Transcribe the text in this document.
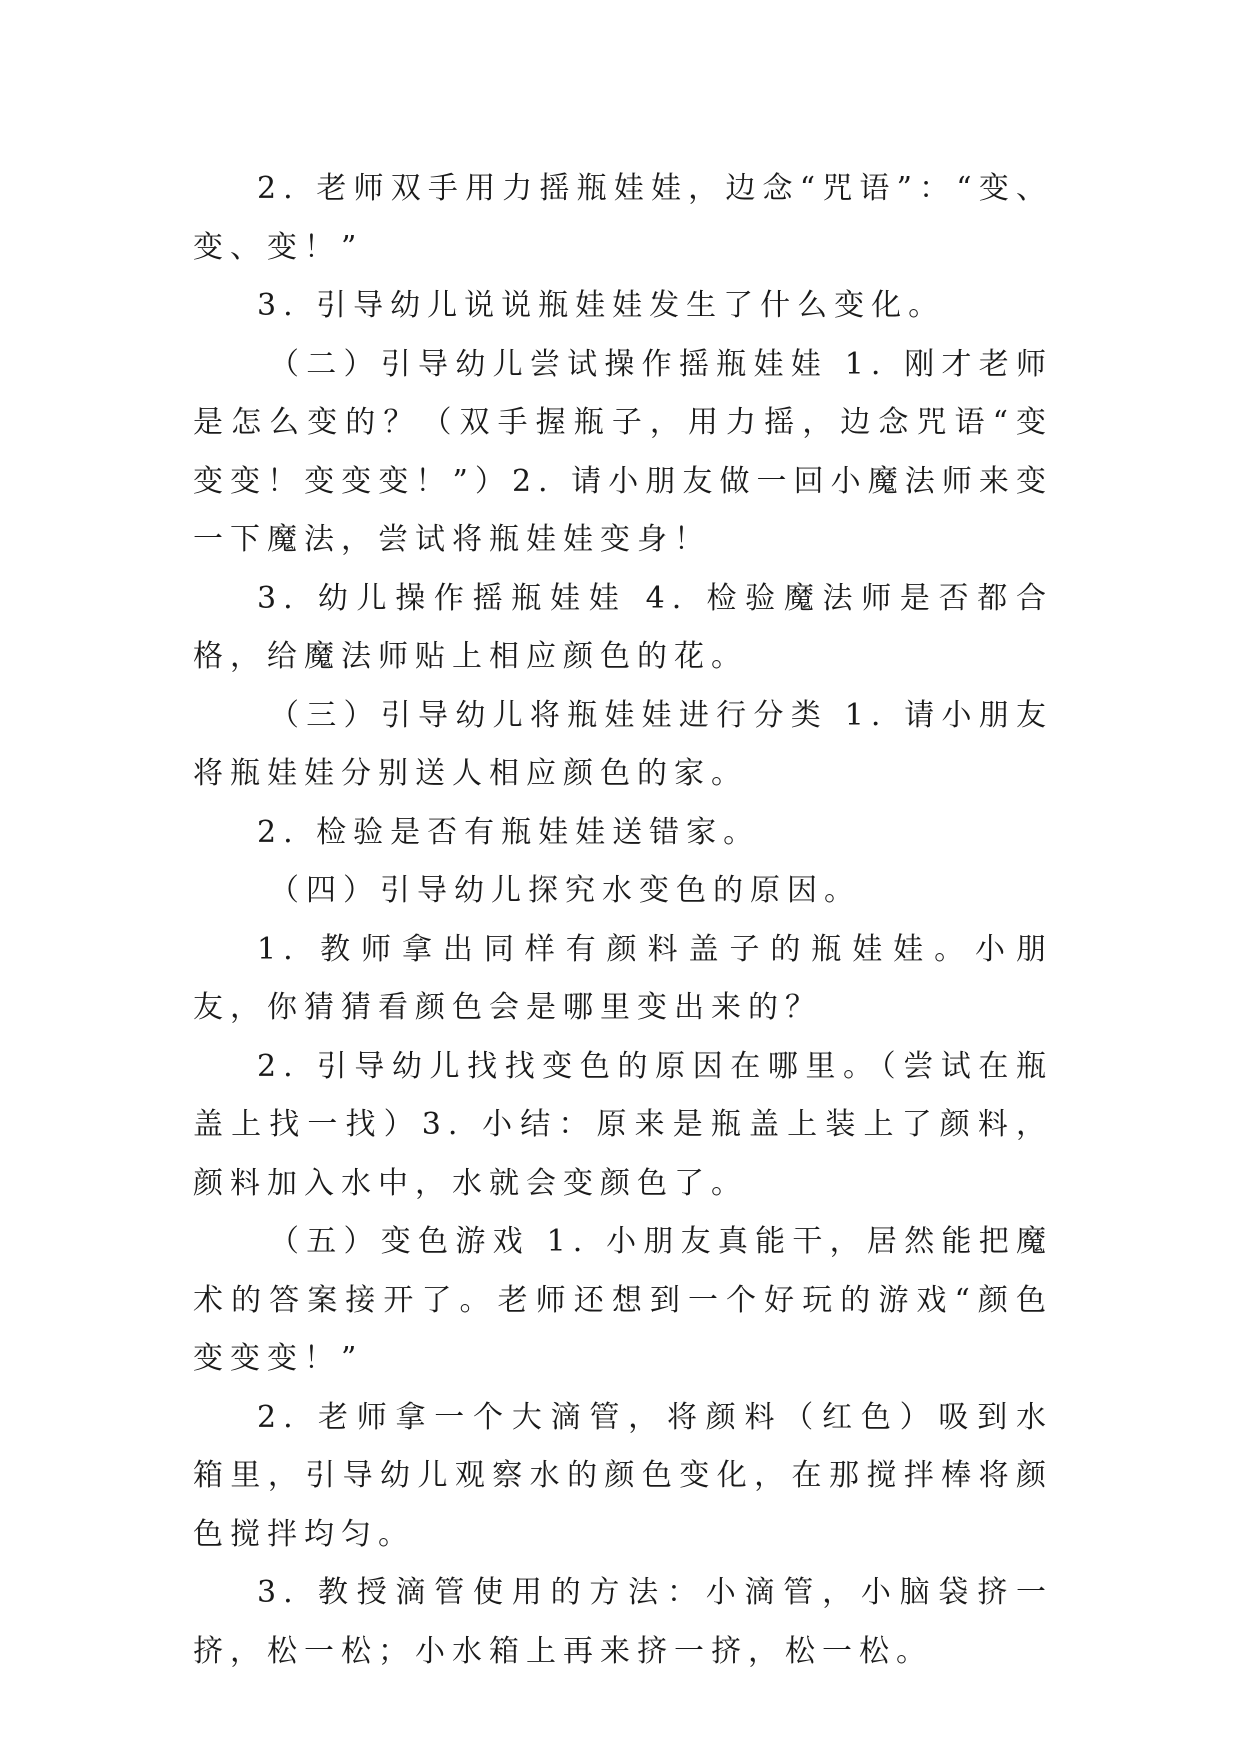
2. 老师双手用力摇瓶娃娃，边念“咒语”：“变、变、变！”

3. 引导幼儿说说瓶娃娃发生了什么变化。

（二）引导幼儿尝试操作摇瓶娃娃 1. 刚才老师是怎么变的？（双手握瓶子，用力摇，边念咒语“变变变！变变变！”）2. 请小朋友做一回小魔法师来变一下魔法，尝试将瓶娃娃变身！

3. 幼儿操作摇瓶娃娃 4. 检验魔法师是否都合格，给魔法师贴上相应颜色的花。

（三）引导幼儿将瓶娃娃进行分类 1. 请小朋友将瓶娃娃分别送人相应颜色的家。

2. 检验是否有瓶娃娃送错家。

（四）引导幼儿探究水变色的原因。

1. 教师拿出同样有颜料盖子的瓶娃娃。小朋友，你猜猜看颜色会是哪里变出来的？

2. 引导幼儿找找变色的原因在哪里。（尝试在瓶盖上找一找）3. 小结：原来是瓶盖上装上了颜料，颜料加入水中，水就会变颜色了。

（五）变色游戏 1. 小朋友真能干，居然能把魔术的答案接开了。老师还想到一个好玩的游戏“颜色变变变！”

2. 老师拿一个大滴管，将颜料（红色）吸到水箱里，引导幼儿观察水的颜色变化，在那搅拌棒将颜色搅拌均匀。

3. 教授滴管使用的方法：小滴管，小脑袋挤一挤，松一松；小水箱上再来挤一挤，松一松。
